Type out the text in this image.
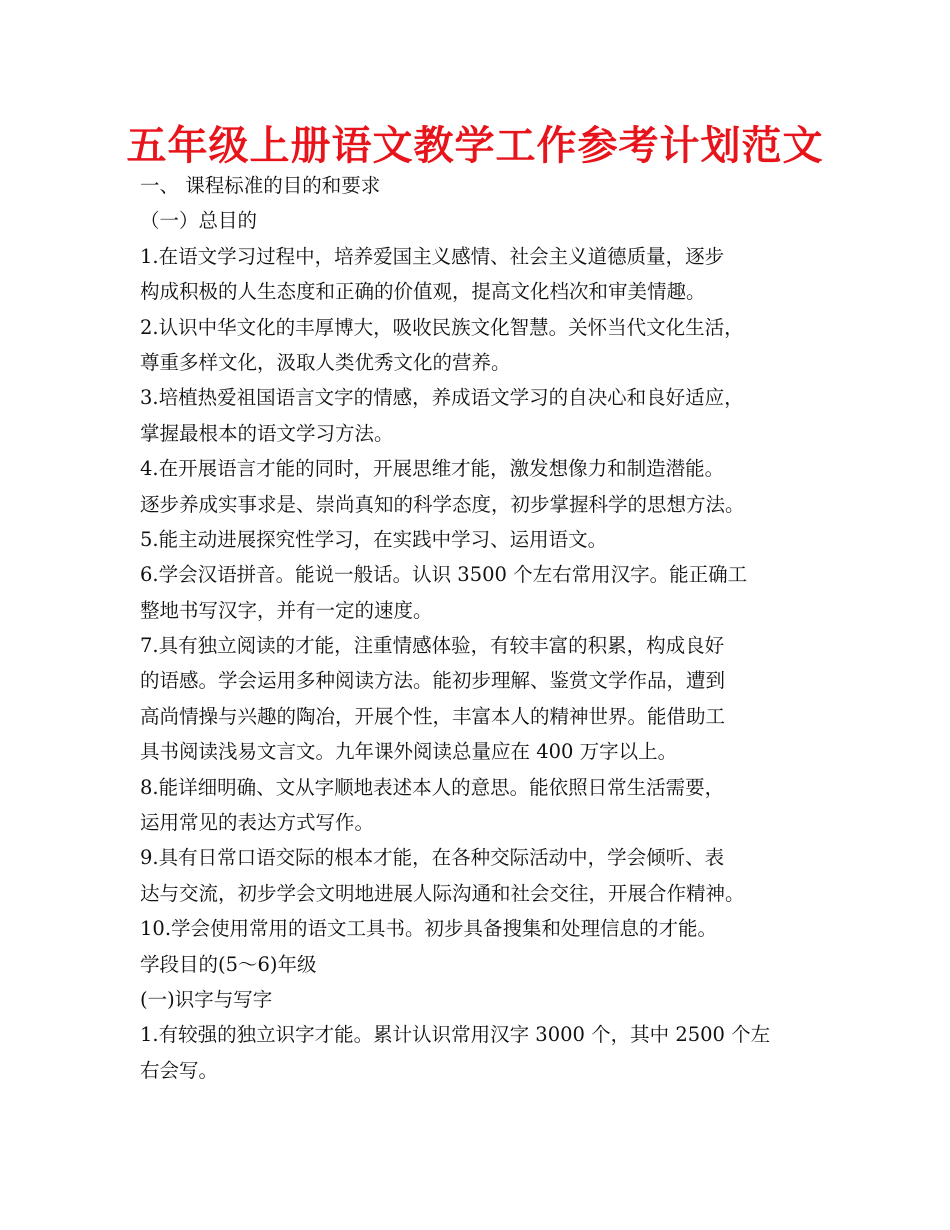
五年级上册语文教学工作参考计划范文
一、 课程标准的目的和要求
（一）总目的
1.在语文学习过程中，培养爱国主义感情、社会主义道德质量，逐步
构成积极的人生态度和正确的价值观，提高文化档次和审美情趣。
2.认识中华文化的丰厚博大，吸收民族文化智慧。关怀当代文化生活，
尊重多样文化，汲取人类优秀文化的营养。
3.培植热爱祖国语言文字的情感，养成语文学习的自决心和良好适应，
掌握最根本的语文学习方法。
4.在开展语言才能的同时，开展思维才能，激发想像力和制造潜能。
逐步养成实事求是、崇尚真知的科学态度，初步掌握科学的思想方法。
5.能主动进展探究性学习，在实践中学习、运用语文。
6.学会汉语拼音。能说一般话。认识 3500 个左右常用汉字。能正确工
整地书写汉字，并有一定的速度。
7.具有独立阅读的才能，注重情感体验，有较丰富的积累，构成良好
的语感。学会运用多种阅读方法。能初步理解、鉴赏文学作品，遭到
高尚情操与兴趣的陶冶，开展个性，丰富本人的精神世界。能借助工
具书阅读浅易文言文。九年课外阅读总量应在 400 万字以上。
8.能详细明确、文从字顺地表述本人的意思。能依照日常生活需要，
运用常见的表达方式写作。
9.具有日常口语交际的根本才能，在各种交际活动中，学会倾听、表
达与交流，初步学会文明地进展人际沟通和社会交往，开展合作精神。
10.学会使用常用的语文工具书。初步具备搜集和处理信息的才能。
学段目的(5～6)年级
(一)识字与写字
1.有较强的独立识字才能。累计认识常用汉字 3000 个，其中 2500 个左
右会写。
